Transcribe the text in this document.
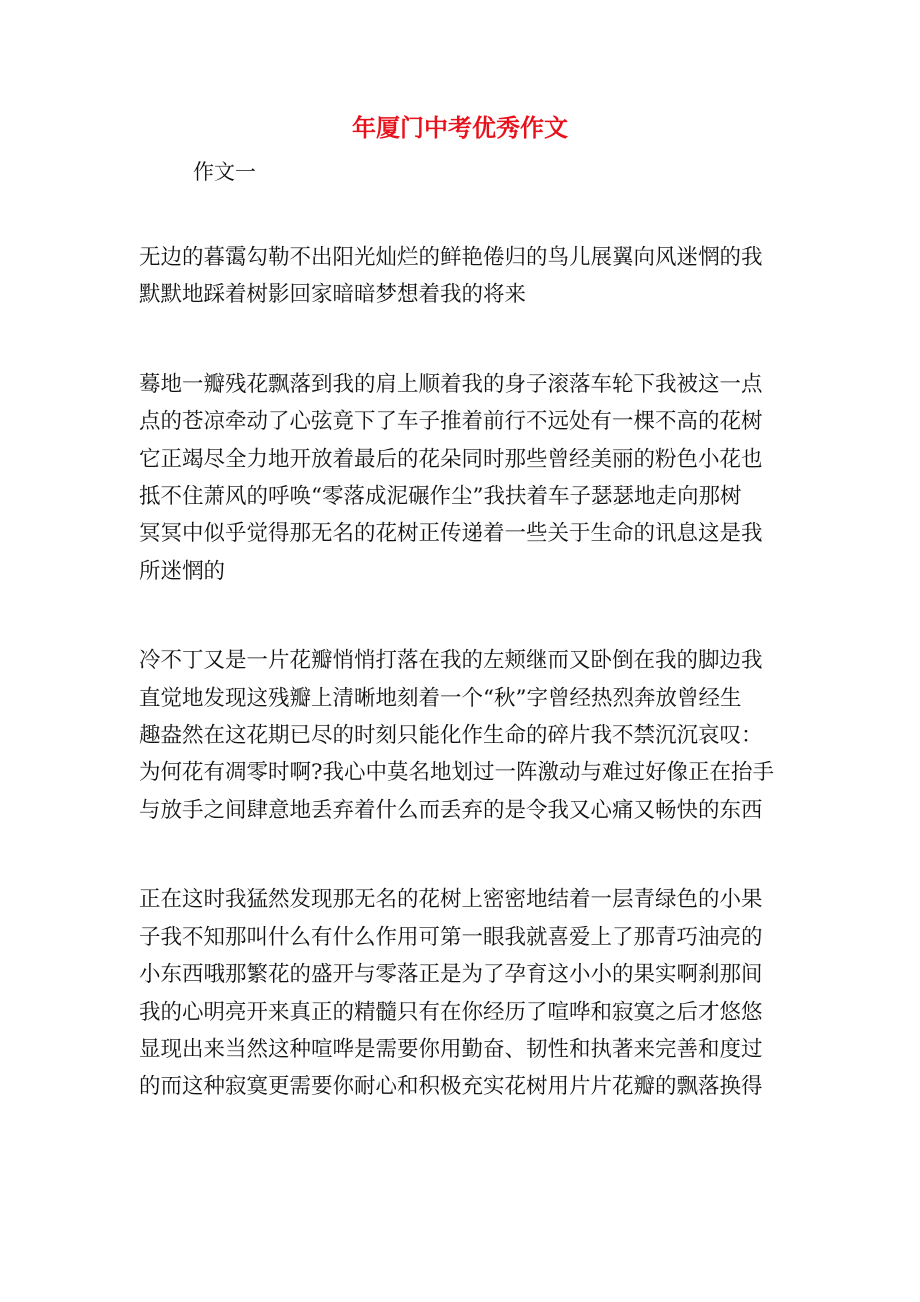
年厦门中考优秀作文
作文一
无边的暮霭勾勒不出阳光灿烂的鲜艳倦归的鸟儿展翼向风迷惘的我
默默地踩着树影回家暗暗梦想着我的将来
蓦地一瓣残花飘落到我的肩上顺着我的身子滚落车轮下我被这一点
点的苍凉牵动了心弦竟下了车子推着前行不远处有一棵不高的花树
它正竭尽全力地开放着最后的花朵同时那些曾经美丽的粉色小花也
抵不住萧风的呼唤“零落成泥碾作尘”我扶着车子瑟瑟地走向那树
冥冥中似乎觉得那无名的花树正传递着一些关于生命的讯息这是我
所迷惘的
冷不丁又是一片花瓣悄悄打落在我的左颊继而又卧倒在我的脚边我
直觉地发现这残瓣上清晰地刻着一个“秋”字曾经热烈奔放曾经生
趣盎然在这花期已尽的时刻只能化作生命的碎片我不禁沉沉哀叹：
为何花有凋零时啊?我心中莫名地划过一阵激动与难过好像正在抬手
与放手之间肆意地丢弃着什么而丢弃的是令我又心痛又畅快的东西
正在这时我猛然发现那无名的花树上密密地结着一层青绿色的小果
子我不知那叫什么有什么作用可第一眼我就喜爱上了那青巧油亮的
小东西哦那繁花的盛开与零落正是为了孕育这小小的果实啊刹那间
我的心明亮开来真正的精髓只有在你经历了喧哗和寂寞之后才悠悠
显现出来当然这种喧哗是需要你用勤奋、韧性和执著来完善和度过
的而这种寂寞更需要你耐心和积极充实花树用片片花瓣的飘落换得
